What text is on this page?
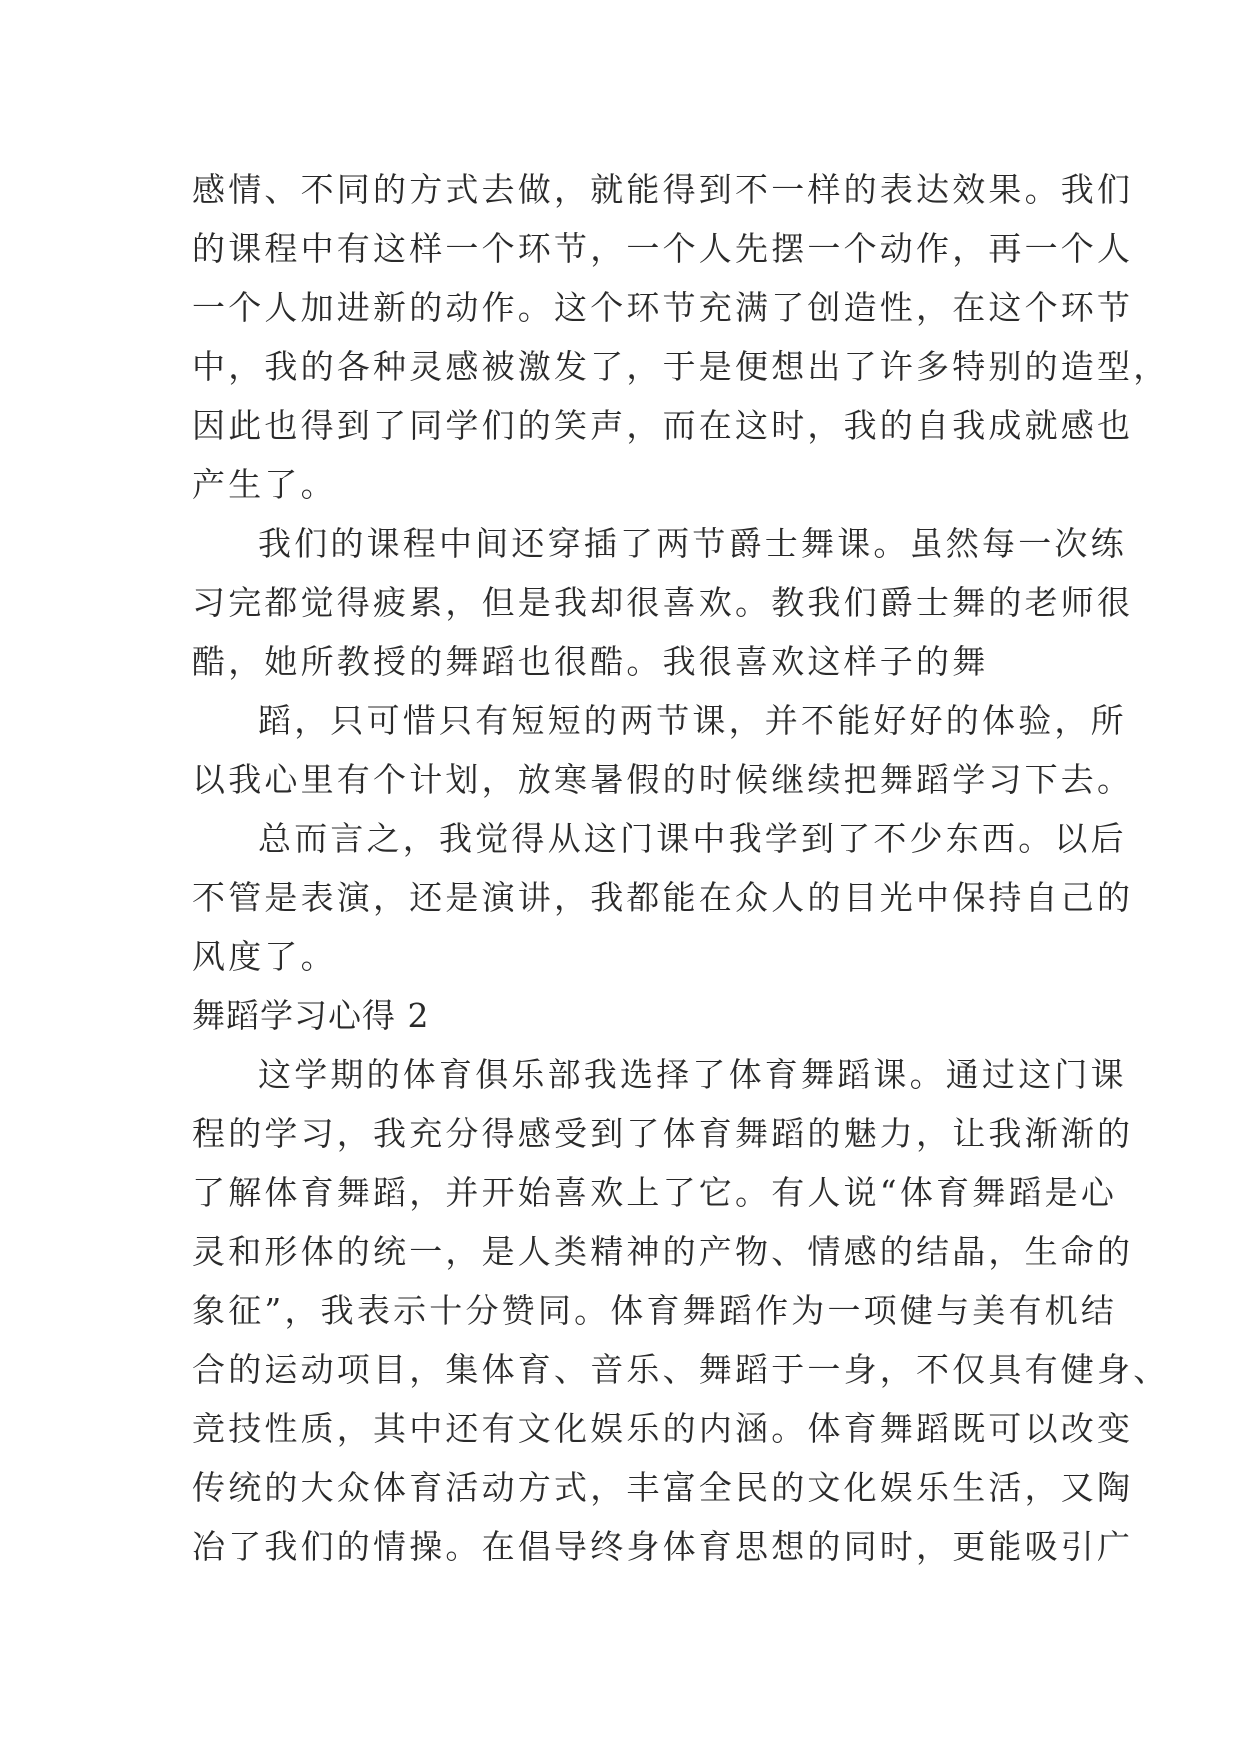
感情、不同的方式去做，就能得到不一样的表达效果。我们
的课程中有这样一个环节，一个人先摆一个动作，再一个人
一个人加进新的动作。这个环节充满了创造性，在这个环节
中，我的各种灵感被激发了，于是便想出了许多特别的造型，
因此也得到了同学们的笑声，而在这时，我的自我成就感也
产生了。
我们的课程中间还穿插了两节爵士舞课。虽然每一次练
习完都觉得疲累，但是我却很喜欢。教我们爵士舞的老师很
酷，她所教授的舞蹈也很酷。我很喜欢这样子的舞
蹈，只可惜只有短短的两节课，并不能好好的体验，所
以我心里有个计划，放寒暑假的时候继续把舞蹈学习下去。
总而言之，我觉得从这门课中我学到了不少东西。以后
不管是表演，还是演讲，我都能在众人的目光中保持自己的
风度了。
舞蹈学习心得 2
这学期的体育俱乐部我选择了体育舞蹈课。通过这门课
程的学习，我充分得感受到了体育舞蹈的魅力，让我渐渐的
了解体育舞蹈，并开始喜欢上了它。有人说“体育舞蹈是心
灵和形体的统一，是人类精神的产物、情感的结晶，生命的
象征”，我表示十分赞同。体育舞蹈作为一项健与美有机结
合的运动项目，集体育、音乐、舞蹈于一身，不仅具有健身、
竞技性质，其中还有文化娱乐的内涵。体育舞蹈既可以改变
传统的大众体育活动方式，丰富全民的文化娱乐生活，又陶
冶了我们的情操。在倡导终身体育思想的同时，更能吸引广
